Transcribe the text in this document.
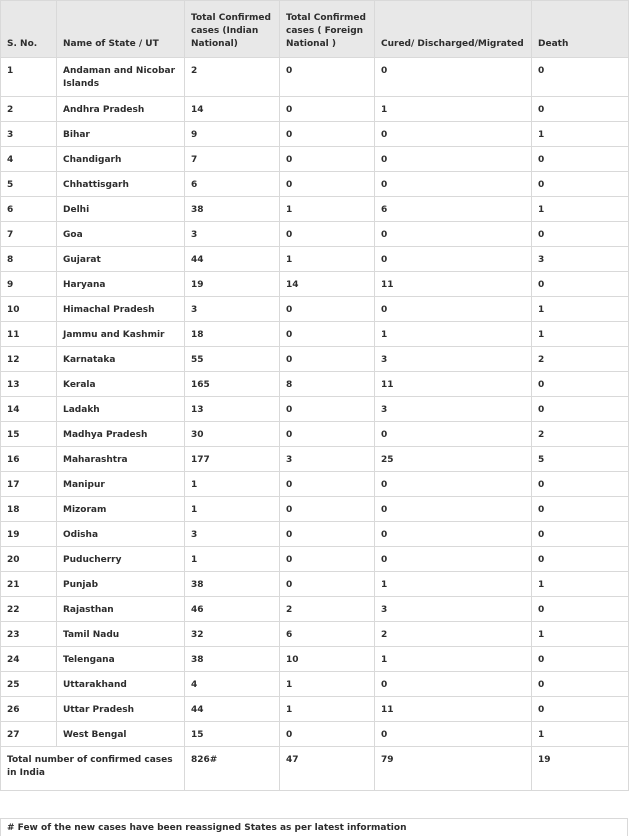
S. No.	Name of State / UT	Total Confirmed cases (Indian National)	Total Confirmed cases ( Foreign National )	Cured/ Discharged/Migrated	Death
1	Andaman and Nicobar Islands	2	0	0	0
2	Andhra Pradesh	14	0	1	0
3	Bihar	9	0	0	1
4	Chandigarh	7	0	0	0
5	Chhattisgarh	6	0	0	0
6	Delhi	38	1	6	1
7	Goa	3	0	0	0
8	Gujarat	44	1	0	3
9	Haryana	19	14	11	0
10	Himachal Pradesh	3	0	0	1
11	Jammu and Kashmir	18	0	1	1
12	Karnataka	55	0	3	2
13	Kerala	165	8	11	0
14	Ladakh	13	0	3	0
15	Madhya Pradesh	30	0	0	2
16	Maharashtra	177	3	25	5
17	Manipur	1	0	0	0
18	Mizoram	1	0	0	0
19	Odisha	3	0	0	0
20	Puducherry	1	0	0	0
21	Punjab	38	0	1	1
22	Rajasthan	46	2	3	0
23	Tamil Nadu	32	6	2	1
24	Telengana	38	10	1	0
25	Uttarakhand	4	1	0	0
26	Uttar Pradesh	44	1	11	0
27	West Bengal	15	0	0	1
Total number of confirmed cases in India		826#	47	79	19
# Few of the new cases have been reassigned States as per latest information
